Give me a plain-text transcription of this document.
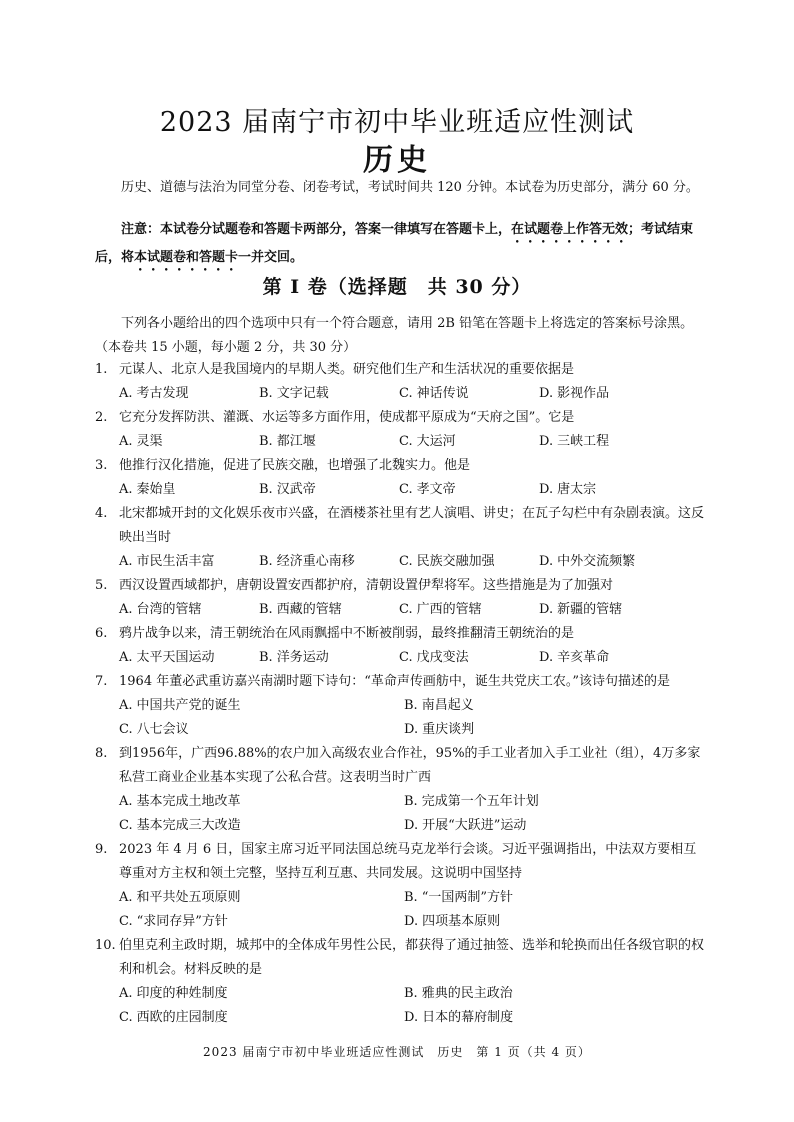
2023 届南宁市初中毕业班适应性测试
历史
历史、道德与法治为同堂分卷、闭卷考试，考试时间共 120 分钟。本试卷为历史部分，满分 60 分。
注意：本试卷分试题卷和答题卡两部分，答案一律填写在答题卡上，在试题卷上作答无效；考试结束后，将本试题卷和答题卡一并交回。
第 I 卷（选择题　共 30 分）
下列各小题给出的四个选项中只有一个符合题意，请用 2B 铅笔在答题卡上将选定的答案标号涂黑。（本卷共 15 小题，每小题 2 分，共 30 分）
1. 元谋人、北京人是我国境内的早期人类。研究他们生产和生活状况的重要依据是
A. 考古发现	B. 文字记载	C. 神话传说	D. 影视作品
2. 它充分发挥防洪、灌溉、水运等多方面作用，使成都平原成为“天府之国”。它是
A. 灵渠	B. 都江堰	C. 大运河	D. 三峡工程
3. 他推行汉化措施，促进了民族交融，也增强了北魏实力。他是
A. 秦始皇	B. 汉武帝	C. 孝文帝	D. 唐太宗
4. 北宋都城开封的文化娱乐夜市兴盛，在酒楼茶社里有艺人演唱、讲史；在瓦子勾栏中有杂剧表演。这反映出当时
A. 市民生活丰富	B. 经济重心南移	C. 民族交融加强	D. 中外交流频繁
5. 西汉设置西域都护，唐朝设置安西都护府，清朝设置伊犁将军。这些措施是为了加强对
A. 台湾的管辖	B. 西藏的管辖	C. 广西的管辖	D. 新疆的管辖
6. 鸦片战争以来，清王朝统治在风雨飘摇中不断被削弱，最终推翻清王朝统治的是
A. 太平天国运动	B. 洋务运动	C. 戊戌变法	D. 辛亥革命
7. 1964 年董必武重访嘉兴南湖时题下诗句：“革命声传画舫中，诞生共党庆工农。”该诗句描述的是
A. 中国共产党的诞生	B. 南昌起义
C. 八七会议	D. 重庆谈判
8. 到1956年，广西96.88%的农户加入高级农业合作社，95%的手工业者加入手工业社（组），4万多家私营工商业企业基本实现了公私合营。这表明当时广西
A. 基本完成土地改革	B. 完成第一个五年计划
C. 基本完成三大改造	D. 开展“大跃进”运动
9. 2023 年 4 月 6 日，国家主席习近平同法国总统马克龙举行会谈。习近平强调指出，中法双方要相互尊重对方主权和领土完整，坚持互利互惠、共同发展。这说明中国坚持
A. 和平共处五项原则	B. “一国两制”方针
C. “求同存异”方针	D. 四项基本原则
10. 伯里克利主政时期，城邦中的全体成年男性公民，都获得了通过抽签、选举和轮换而出任各级官职的权利和机会。材料反映的是
A. 印度的种姓制度	B. 雅典的民主政治
C. 西欧的庄园制度	D. 日本的幕府制度
2023 届南宁市初中毕业班适应性测试　历史　第 1 页（共 4 页）
